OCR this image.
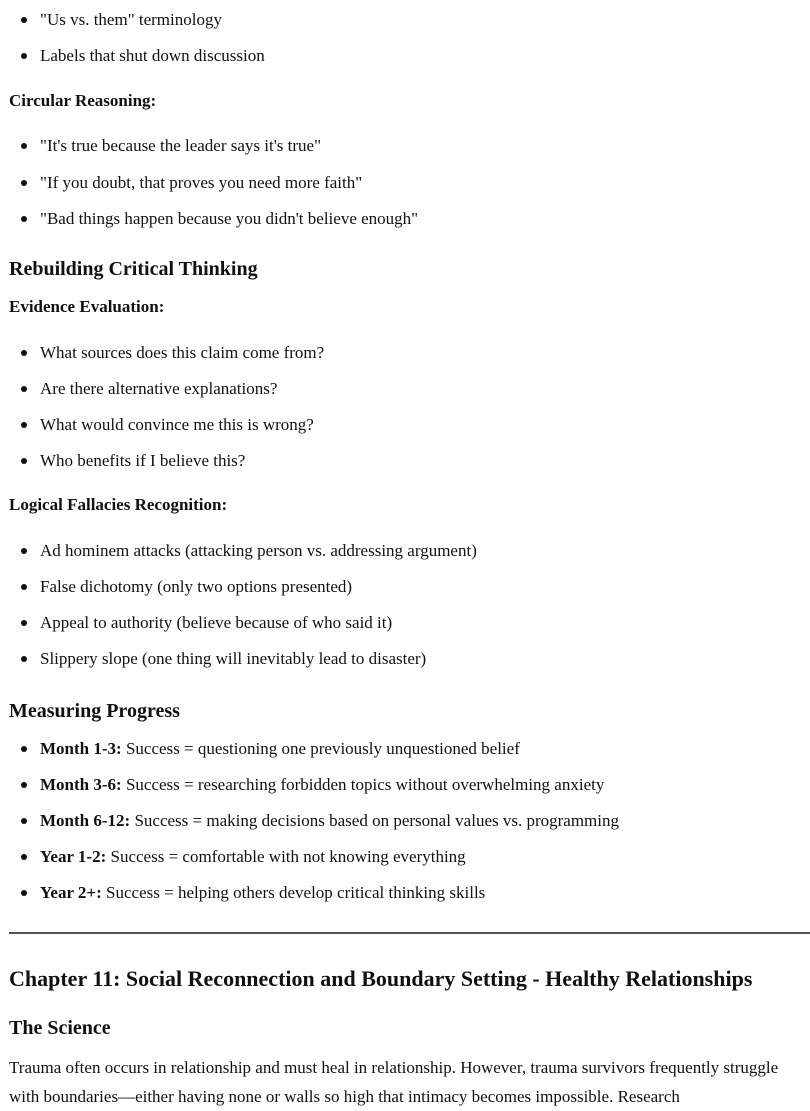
"Us vs. them" terminology
Labels that shut down discussion
Circular Reasoning:
"It's true because the leader says it's true"
"If you doubt, that proves you need more faith"
"Bad things happen because you didn't believe enough"
Rebuilding Critical Thinking
Evidence Evaluation:
What sources does this claim come from?
Are there alternative explanations?
What would convince me this is wrong?
Who benefits if I believe this?
Logical Fallacies Recognition:
Ad hominem attacks (attacking person vs. addressing argument)
False dichotomy (only two options presented)
Appeal to authority (believe because of who said it)
Slippery slope (one thing will inevitably lead to disaster)
Measuring Progress
Month 1-3: Success = questioning one previously unquestioned belief
Month 3-6: Success = researching forbidden topics without overwhelming anxiety
Month 6-12: Success = making decisions based on personal values vs. programming
Year 1-2: Success = comfortable with not knowing everything
Year 2+: Success = helping others develop critical thinking skills
Chapter 11: Social Reconnection and Boundary Setting - Healthy Relationships
The Science
Trauma often occurs in relationship and must heal in relationship. However, trauma survivors frequently struggle with boundaries—either having none or walls so high that intimacy becomes impossible. Research
